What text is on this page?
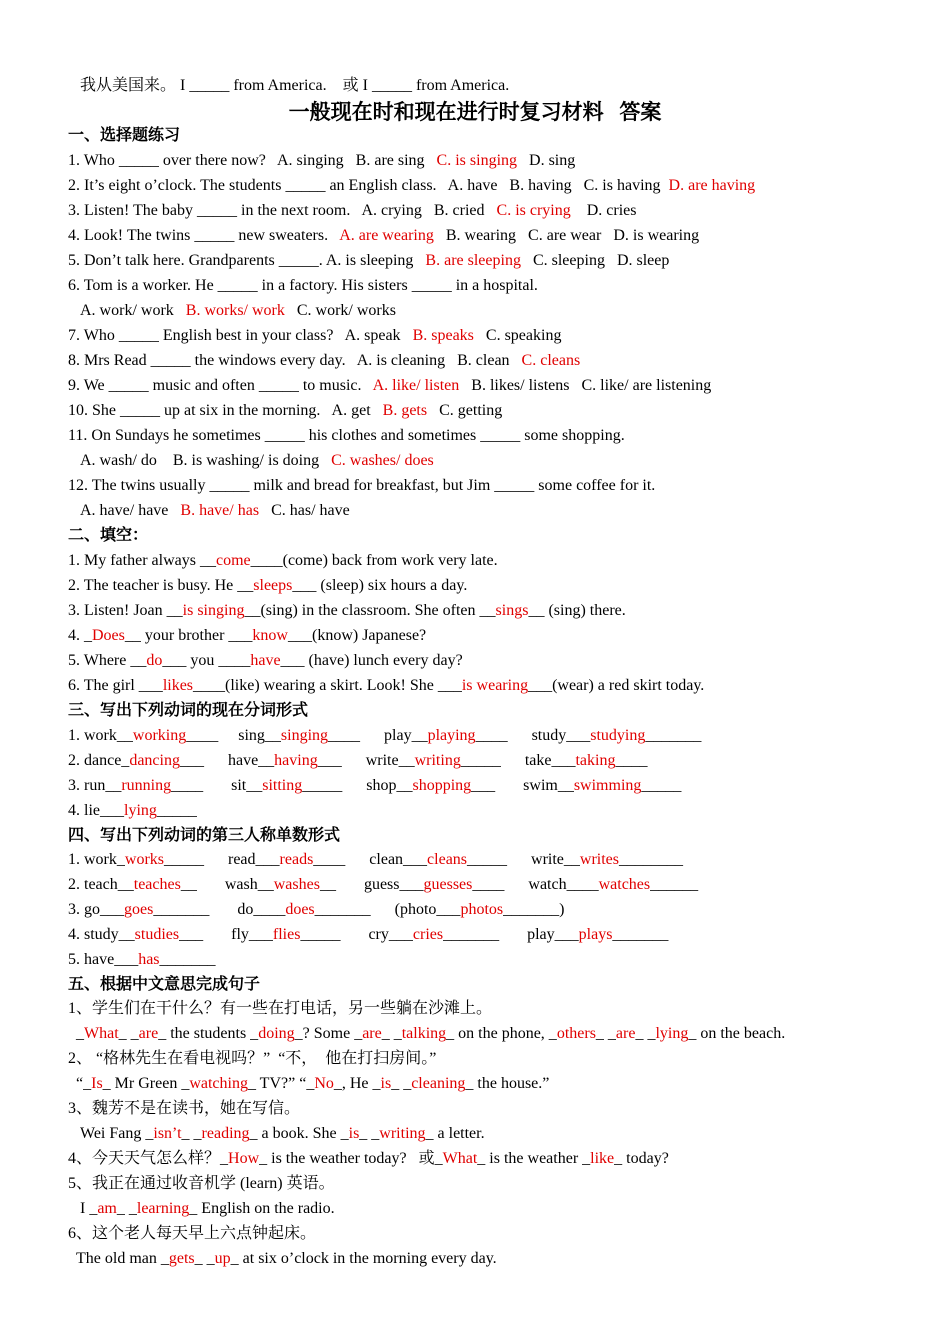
我从美国来。 I _____ from America.    或 I _____ from America.
一般现在时和现在进行时复习材料   答案
一、选择题练习
1. Who _____ over there now?   A. singing   B. are sing   C. is singing   D. sing
2. It’s eight o’clock. The students _____ an English class.   A. have   B. having   C. is having  D. are having
3. Listen! The baby _____ in the next room.   A. crying   B. cried   C. is crying    D. cries
4. Look! The twins _____ new sweaters.   A. are wearing   B. wearing   C. are wear   D. is wearing
5. Don’t talk here. Grandparents _____. A. is sleeping   B. are sleeping   C. sleeping   D. sleep
6. Tom is a worker. He _____ in a factory. His sisters _____ in a hospital.
A. work/ work   B. works/ work   C. work/ works
7. Who _____ English best in your class?   A. speak   B. speaks   C. speaking
8. Mrs Read _____ the windows every day.   A. is cleaning   B. clean   C. cleans
9. We _____ music and often _____ to music.   A. like/ listen   B. likes/ listens   C. like/ are listening
10. She _____ up at six in the morning.   A. get   B. gets   C. getting
11. On Sundays he sometimes _____ his clothes and sometimes _____ some shopping.
A. wash/ do    B. is washing/ is doing   C. washes/ does
12. The twins usually _____ milk and bread for breakfast, but Jim _____ some coffee for it.
A. have/ have   B. have/ has   C. has/ have
二、填空：
1. My father always __come____(come) back from work very late.
2. The teacher is busy. He __sleeps___ (sleep) six hours a day.
3. Listen! Joan __is singing__(sing) in the classroom. She often __sings__ (sing) there.
4. _Does__ your brother ___know___(know) Japanese?
5. Where __do___ you ____have___ (have) lunch every day?
6. The girl ___likes____(like) wearing a skirt. Look! She ___is wearing___(wear) a red skirt today.
三、写出下列动词的现在分词形式
1. work__working____     sing__singing____      play__playing____      study___studying_______
2. dance_dancing___      have__having___      write__writing_____      take___taking____
3. run__running____       sit__sitting_____      shop__shopping___       swim__swimming_____
4. lie___lying_____
四、写出下列动词的第三人称单数形式
1. work_works_____      read___reads____      clean___cleans_____      write__writes________
2. teach__teaches__       wash__washes__       guess___guesses____      watch____watches______
3. go___goes_______       do____does_______      (photo___photos_______)
4. study__studies___       fly___flies_____       cry___cries_______       play___plays_______
5. have___has_______
五、根据中文意思完成句子
1、学生们在干什么？有一些在打电话，另一些躺在沙滩上。
_What_ _are_ the students _doing_? Some _are_ _talking_ on the phone, _others_ _are_ _lying_ on the beach.
2、 “格林先生在看电视吗？”  “不，  他在打扫房间。”
“_Is_ Mr Green _watching_ TV?” “_No_, He _is_ _cleaning_ the house.”
3、魏芳不是在读书，她在写信。
Wei Fang _isn’t_ _reading_ a book. She _is_ _writing_ a letter.
4、今天天气怎么样？_How_ is the weather today?   或_What_ is the weather _like_ today?
5、我正在通过收音机学 (learn) 英语。
I _am_ _learning_ English on the radio.
6、这个老人每天早上六点钟起床。
The old man _gets_ _up_ at six o’clock in the morning every day.
